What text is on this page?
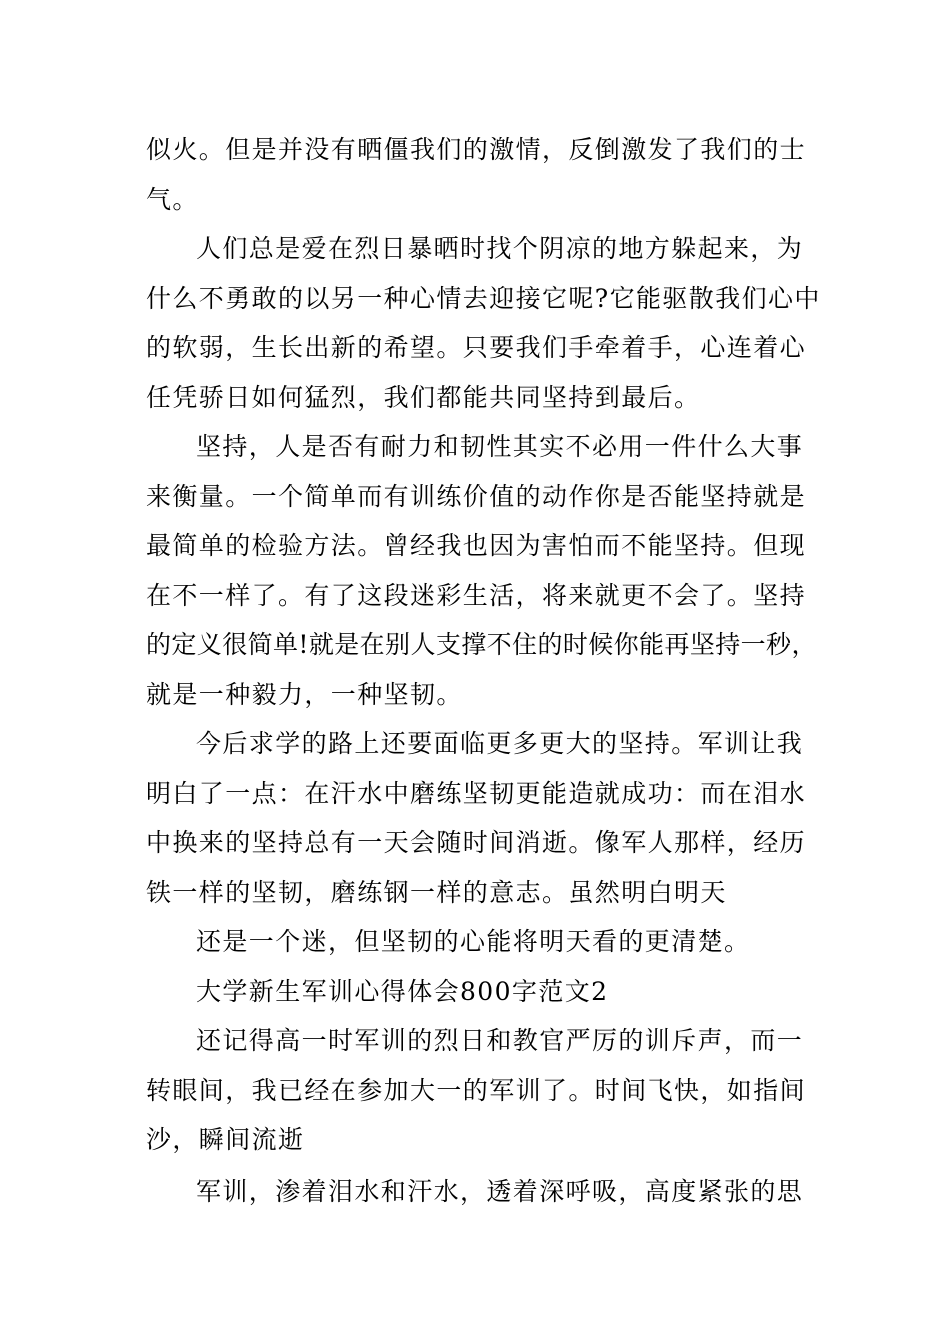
似火。但是并没有晒僵我们的激情，反倒激发了我们的士
气。
人们总是爱在烈日暴晒时找个阴凉的地方躲起来，为
什么不勇敢的以另一种心情去迎接它呢?它能驱散我们心中
的软弱，生长出新的希望。只要我们手牵着手，心连着心
任凭骄日如何猛烈，我们都能共同坚持到最后。
坚持，人是否有耐力和韧性其实不必用一件什么大事
来衡量。一个简单而有训练价值的动作你是否能坚持就是
最简单的检验方法。曾经我也因为害怕而不能坚持。但现
在不一样了。有了这段迷彩生活，将来就更不会了。坚持
的定义很简单!就是在别人支撑不住的时候你能再坚持一秒，
就是一种毅力，一种坚韧。
今后求学的路上还要面临更多更大的坚持。军训让我
明白了一点：在汗水中磨练坚韧更能造就成功：而在泪水
中换来的坚持总有一天会随时间消逝。像军人那样，经历
铁一样的坚韧，磨练钢一样的意志。虽然明白明天
还是一个迷，但坚韧的心能将明天看的更清楚。
大学新生军训心得体会800字范文2
还记得高一时军训的烈日和教官严厉的训斥声，而一
转眼间，我已经在参加大一的军训了。时间飞快，如指间
沙，瞬间流逝
军训，渗着泪水和汗水，透着深呼吸，高度紧张的思
